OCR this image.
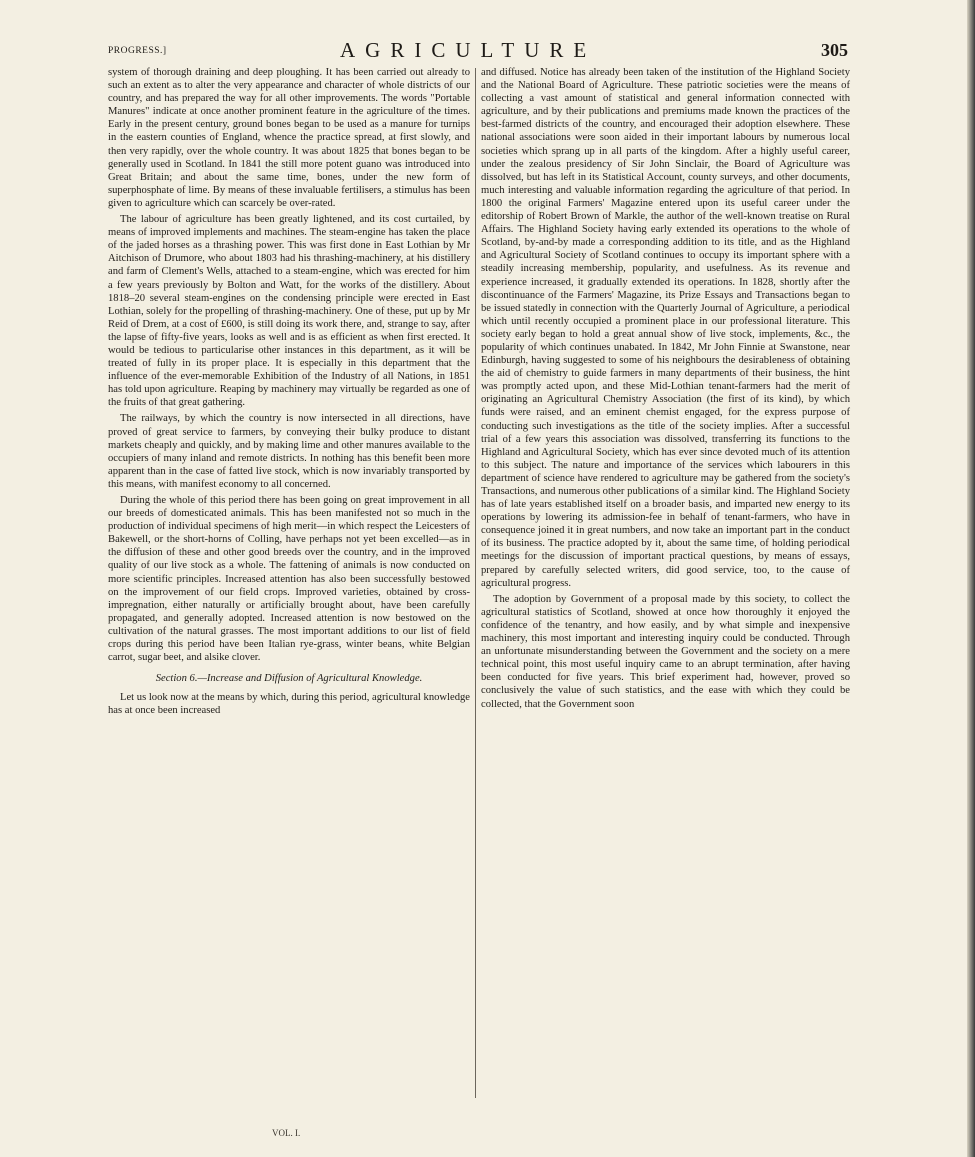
PROGRESS.]	AGRICULTURE	305

system of thorough draining and deep ploughing. It has been carried out already to such an extent as to alter the very appearance and character of whole districts of our country, and has prepared the way for all other improvements. The words "Portable Manures" indicate at once another prominent feature in the agriculture of the times. Early in the present century, ground bones began to be used as a manure for turnips in the eastern counties of England, whence the practice spread, at first slowly, and then very rapidly, over the whole country. It was about 1825 that bones began to be generally used in Scotland. In 1841 the still more potent guano was introduced into Great Britain; and about the same time, bones, under the new form of superphosphate of lime. By means of these invaluable fertilisers, a stimulus has been given to agriculture which can scarcely be over-rated.

The labour of agriculture has been greatly lightened, and its cost curtailed, by means of improved implements and machines. The steam-engine has taken the place of the jaded horses as a thrashing power. This was first done in East Lothian by Mr Aitchison of Drumore, who about 1803 had his thrashing-machinery, at his distillery and farm of Clement's Wells, attached to a steam-engine, which was erected for him a few years previously by Bolton and Watt, for the works of the distillery. About 1818–20 several steam-engines on the condensing principle were erected in East Lothian, solely for the propelling of thrashing-machinery. One of these, put up by Mr Reid of Drem, at a cost of £600, is still doing its work there, and, strange to say, after the lapse of fifty-five years, looks as well and is as efficient as when first erected. It would be tedious to particularise other instances in this department, as it will be treated of fully in its proper place. It is especially in this department that the influence of the ever-memorable Exhibition of the Industry of all Nations, in 1851 has told upon agriculture. Reaping by machinery may virtually be regarded as one of the fruits of that great gathering.

The railways, by which the country is now intersected in all directions, have proved of great service to farmers, by conveying their bulky produce to distant markets cheaply and quickly, and by making lime and other manures available to the occupiers of many inland and remote districts. In nothing has this benefit been more apparent than in the case of fatted live stock, which is now invariably transported by this means, with manifest economy to all concerned.

During the whole of this period there has been going on great improvement in all our breeds of domesticated animals. This has been manifested not so much in the production of individual specimens of high merit—in which respect the Leicesters of Bakewell, or the short-horns of Colling, have perhaps not yet been excelled—as in the diffusion of these and other good breeds over the country, and in the improved quality of our live stock as a whole. The fattening of animals is now conducted on more scientific principles. Increased attention has also been successfully bestowed on the improvement of our field crops. Improved varieties, obtained by cross-impregnation, either naturally or artificially brought about, have been carefully propagated, and generally adopted. Increased attention is now bestowed on the cultivation of the natural grasses. The most important additions to our list of field crops during this period have been Italian rye-grass, winter beans, white Belgian carrot, sugar beet, and alsike clover.

Section 6.—Increase and Diffusion of Agricultural Knowledge.

Let us look now at the means by which, during this period, agricultural knowledge has at once been increased

and diffused. Notice has already been taken of the institution of the Highland Society and the National Board of Agriculture. These patriotic societies were the means of collecting a vast amount of statistical and general information connected with agriculture, and by their publications and premiums made known the practices of the best-farmed districts of the country, and encouraged their adoption elsewhere. These national associations were soon aided in their important labours by numerous local societies which sprang up in all parts of the kingdom. After a highly useful career, under the zealous presidency of Sir John Sinclair, the Board of Agriculture was dissolved, but has left in its Statistical Account, county surveys, and other documents, much interesting and valuable information regarding the agriculture of that period. In 1800 the original Farmers' Magazine entered upon its useful career under the editorship of Robert Brown of Markle, the author of the well-known treatise on Rural Affairs. The Highland Society having early extended its operations to the whole of Scotland, by-and-by made a corresponding addition to its title, and as the Highland and Agricultural Society of Scotland continues to occupy its important sphere with a steadily increasing membership, popularity, and usefulness. As its revenue and experience increased, it gradually extended its operations. In 1828, shortly after the discontinuance of the Farmers' Magazine, its Prize Essays and Transactions began to be issued statedly in connection with the Quarterly Journal of Agriculture, a periodical which until recently occupied a prominent place in our professional literature. This society early began to hold a great annual show of live stock, implements, &c., the popularity of which continues unabated. In 1842, Mr John Finnie at Swanstone, near Edinburgh, having suggested to some of his neighbours the desirableness of obtaining the aid of chemistry to guide farmers in many departments of their business, the hint was promptly acted upon, and these Mid-Lothian tenant-farmers had the merit of originating an Agricultural Chemistry Association (the first of its kind), by which funds were raised, and an eminent chemist engaged, for the express purpose of conducting such investigations as the title of the society implies. After a successful trial of a few years this association was dissolved, transferring its functions to the Highland and Agricultural Society, which has ever since devoted much of its attention to this subject. The nature and importance of the services which labourers in this department of science have rendered to agriculture may be gathered from the society's Transactions, and numerous other publications of a similar kind. The Highland Society has of late years established itself on a broader basis, and imparted new energy to its operations by lowering its admission-fee in behalf of tenant-farmers, who have in consequence joined it in great numbers, and now take an important part in the conduct of its business. The practice adopted by it, about the same time, of holding periodical meetings for the discussion of important practical questions, by means of essays, prepared by carefully selected writers, did good service, too, to the cause of agricultural progress.

The adoption by Government of a proposal made by this society, to collect the agricultural statistics of Scotland, showed at once how thoroughly it enjoyed the confidence of the tenantry, and how easily, and by what simple and inexpensive machinery, this most important and interesting inquiry could be conducted. Through an unfortunate misunderstanding between the Government and the society on a mere technical point, this most useful inquiry came to an abrupt termination, after having been conducted for five years. This brief experiment had, however, proved so conclusively the value of such statistics, and the ease with which they could be collected, that the Government soon

VOL. I.
